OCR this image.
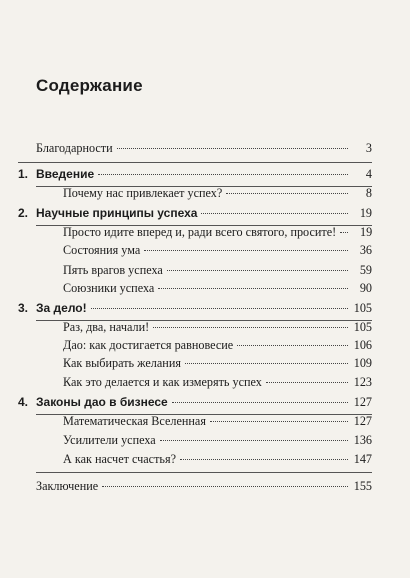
Содержание
Благодарности	3
1. Введение	4
Почему нас привлекает успех?	8
2. Научные принципы успеха	19
Просто идите вперед и, ради всего святого, просите!	19
Состояния ума	36
Пять врагов успеха	59
Союзники успеха	90
3. За дело!	105
Раз, два, начали!	105
Дао: как достигается равновесие	106
Как выбирать желания	109
Как это делается и как измерять успех	123
4. Законы дао в бизнесе	127
Математическая Вселенная	127
Усилители успеха	136
А как насчет счастья?	147
Заключение	155
